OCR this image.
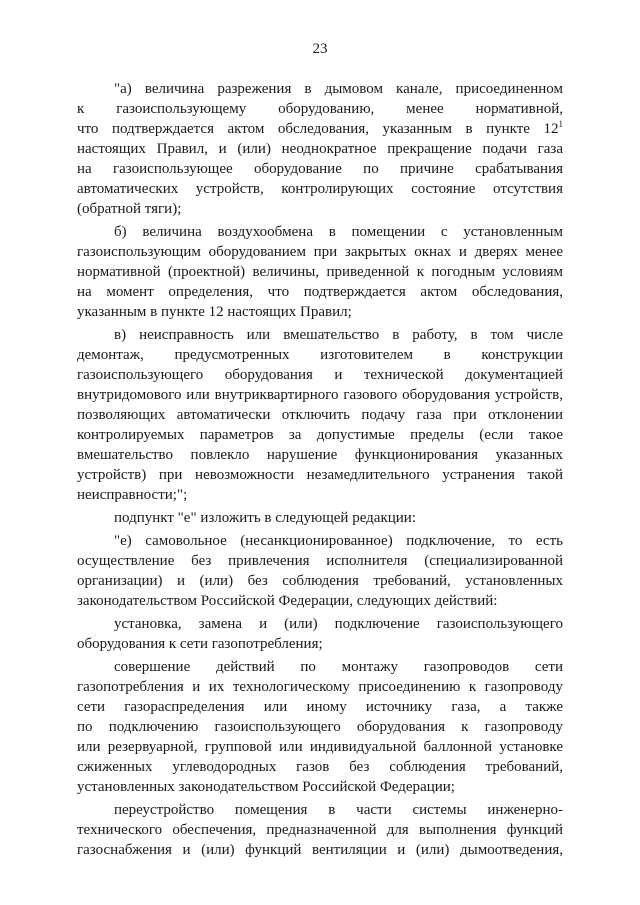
23
"а) величина разрежения в дымовом канале, присоединенном
к газоиспользующему оборудованию, менее нормативной,
что подтверждается актом обследования, указанным в пункте $12^1$
настоящих Правил, и (или) неоднократное прекращение подачи газа
на газоиспользующее оборудование по причине срабатывания
автоматических устройств, контролирующих состояние отсутствия
(обратной тяги);
б) величина воздухообмена в помещении с установленным
газоиспользующим оборудованием при закрытых окнах и дверях менее
нормативной (проектной) величины, приведенной к погодным условиям
на момент определения, что подтверждается актом обследования,
указанным в пункте 12 настоящих Правил;
в) неисправность или вмешательство в работу, в том числе
демонтаж, предусмотренных изготовителем в конструкции
газоиспользующего оборудования и технической документацией
внутридомового или внутриквартирного газового оборудования устройств,
позволяющих автоматически отключить подачу газа при отклонении
контролируемых параметров за допустимые пределы (если такое
вмешательство повлекло нарушение функционирования указанных
устройств) при невозможности незамедлительного устранения такой
неисправности;";
подпункт "е" изложить в следующей редакции:
"е) самовольное (несанкционированное) подключение, то есть
осуществление без привлечения исполнителя (специализированной
организации) и (или) без соблюдения требований, установленных
законодательством Российской Федерации, следующих действий:
установка, замена и (или) подключение газоиспользующего
оборудования к сети газопотребления;
совершение действий по монтажу газопроводов сети
газопотребления и их технологическому присоединению к газопроводу
сети газораспределения или иному источнику газа, а также
по подключению газоиспользующего оборудования к газопроводу
или резервуарной, групповой или индивидуальной баллонной установке
сжиженных углеводородных газов без соблюдения требований,
установленных законодательством Российской Федерации;
переустройство помещения в части системы инженерно-
технического обеспечения, предназначенной для выполнения функций
газоснабжения и (или) функций вентиляции и (или) дымоотведения,
